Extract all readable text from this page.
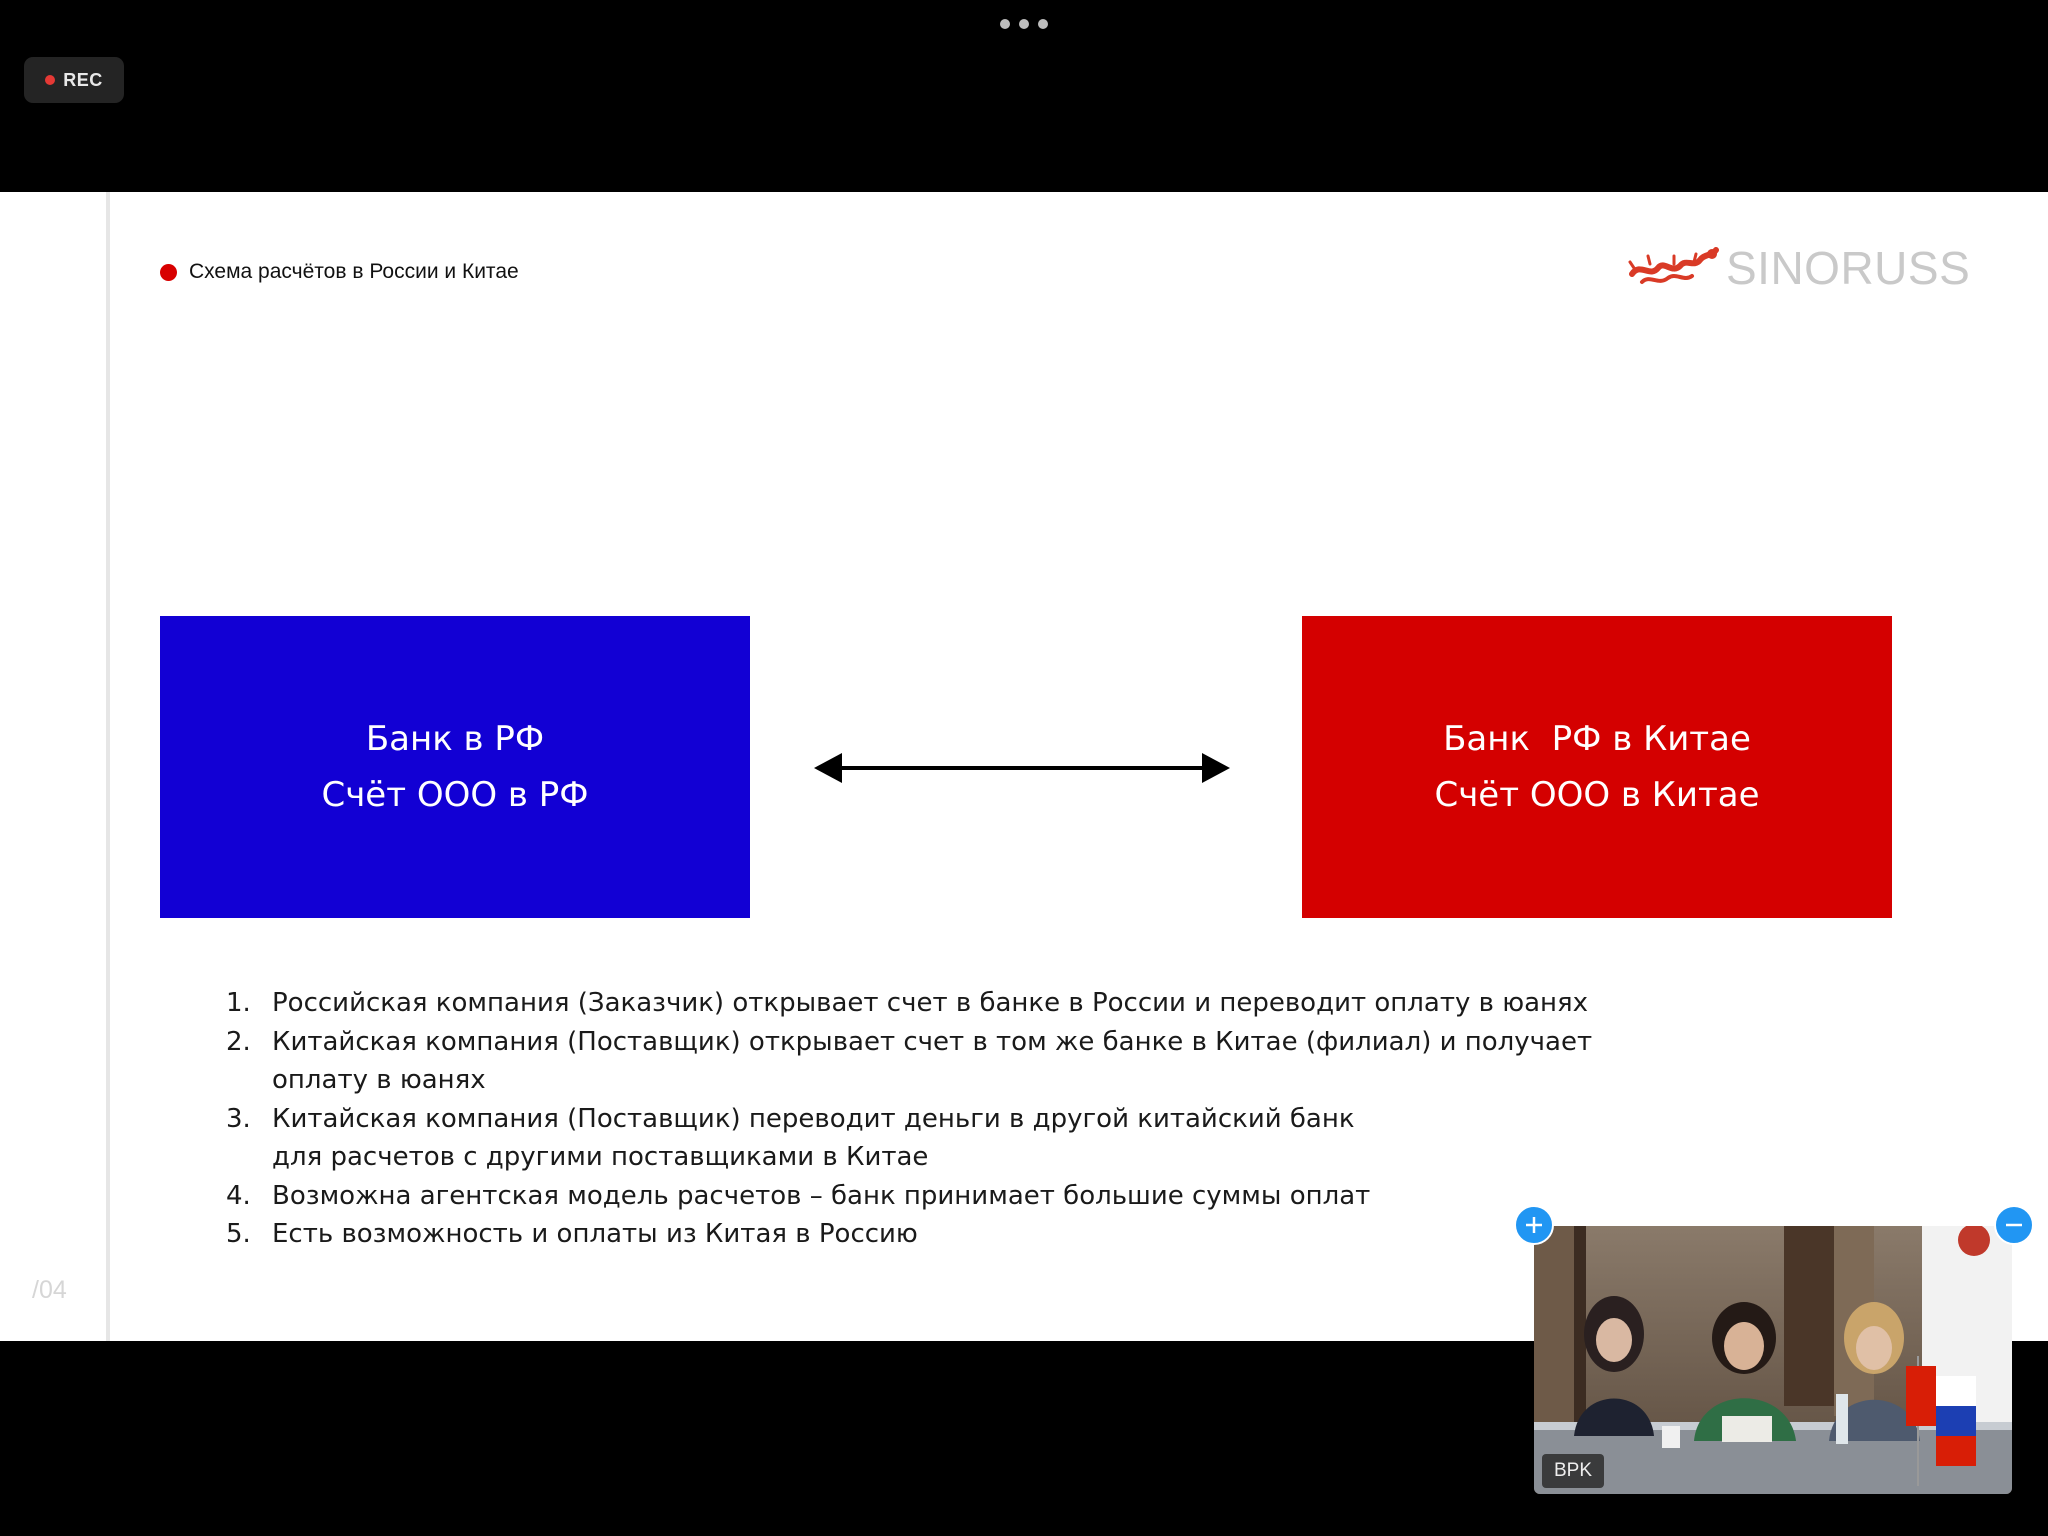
REC
Схема расчётов в России и Китае	SINORUSS
Банк в РФ
Счёт ООО в РФ
Банк  РФ в Китае
Счёт ООО в Китае
1. Российская компания (Заказчик) открывает счет в банке в России и переводит оплату в юанях
2. Китайская компания (Поставщик) открывает счет в том же банке в Китае (филиал) и получает оплату в юанях
3. Китайская компания (Поставщик) переводит деньги в другой китайский банк для расчетов с другими поставщиками в Китае
4. Возможна агентская модель расчетов – банк принимает большие суммы оплат
5. Есть возможность и оплаты из Китая в Россию
/04
BPK
